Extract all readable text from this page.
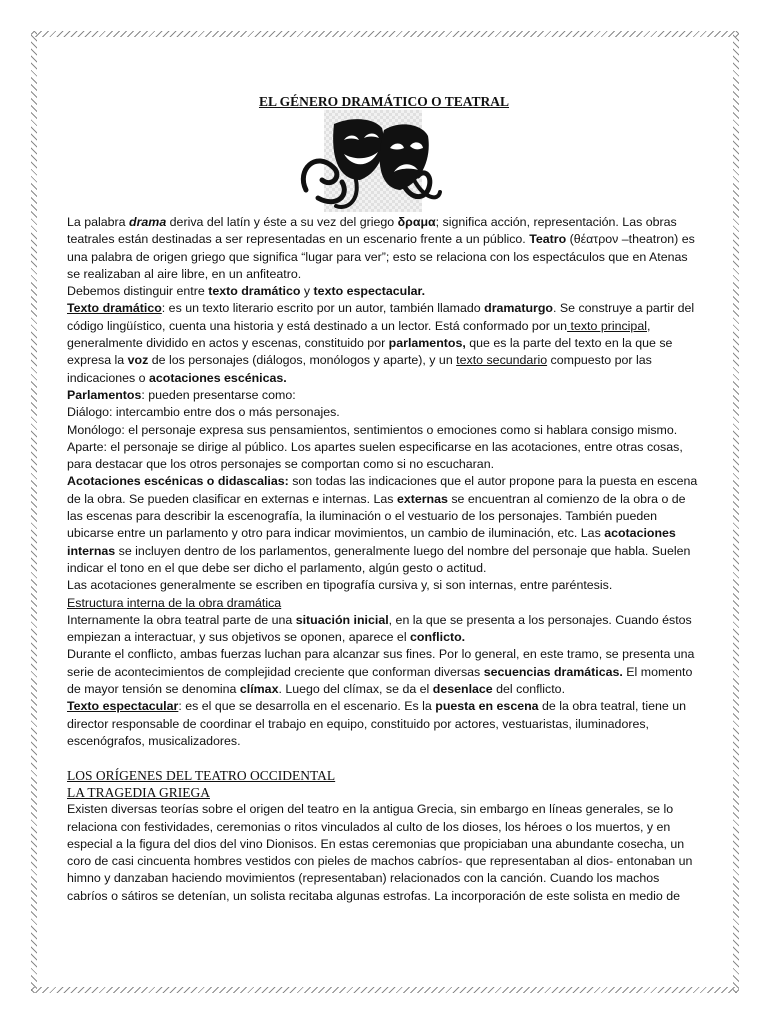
EL GÉNERO DRAMÁTICO O TEATRAL

La palabra drama deriva del latín y éste a su vez del griego δραμα; significa acción, representación. Las obras teatrales están destinadas a ser representadas en un escenario frente a un público. Teatro (θέατρον –theatron) es una palabra de origen griego que significa “lugar para ver”; esto se relaciona con los espectáculos que en Atenas se realizaban al aire libre, en un anfiteatro.

Debemos distinguir entre texto dramático y texto espectacular.

Texto dramático: es un texto literario escrito por un autor, también llamado dramaturgo. Se construye a partir del código lingüístico, cuenta una historia y está destinado a un lector. Está conformado por un texto principal, generalmente dividido en actos y escenas, constituido por parlamentos, que es la parte del texto en la que se expresa la voz de los personajes (diálogos, monólogos y aparte), y un texto secundario compuesto por las indicaciones o acotaciones escénicas.

Parlamentos: pueden presentarse como:

Diálogo: intercambio entre dos o más personajes.

Monólogo: el personaje expresa sus pensamientos, sentimientos o emociones como si hablara consigo mismo.

Aparte: el personaje se dirige al público. Los apartes suelen especificarse en las acotaciones, entre otras cosas, para destacar que los otros personajes se comportan como si no escucharan.

Acotaciones escénicas o didascalias: son todas las indicaciones que el autor propone para la puesta en escena de la obra. Se pueden clasificar en externas e internas. Las externas se encuentran al comienzo de la obra o de las escenas para describir la escenografía, la iluminación o el vestuario de los personajes. También pueden ubicarse entre un parlamento y otro para indicar movimientos, un cambio de iluminación, etc. Las acotaciones internas se incluyen dentro de los parlamentos, generalmente luego del nombre del personaje que habla. Suelen indicar el tono en el que debe ser dicho el parlamento, algún gesto o actitud.

Las acotaciones generalmente se escriben en tipografía cursiva y, si son internas, entre paréntesis.

Estructura interna de la obra dramática

Internamente la obra teatral parte de una situación inicial, en la que se presenta a los personajes. Cuando éstos empiezan a interactuar, y sus objetivos se oponen, aparece el conflicto.

Durante el conflicto, ambas fuerzas luchan para alcanzar sus fines. Por lo general, en este tramo, se presenta una serie de acontecimientos de complejidad creciente que conforman diversas secuencias dramáticas. El momento de mayor tensión se denomina clímax. Luego del clímax, se da el desenlace del conflicto.

Texto espectacular: es el que se desarrolla en el escenario. Es la puesta en escena de la obra teatral, tiene un director responsable de coordinar el trabajo en equipo, constituido por actores, vestuaristas, iluminadores, escenógrafos, musicalizadores.

LOS ORÍGENES DEL TEATRO OCCIDENTAL

LA TRAGEDIA GRIEGA

Existen diversas teorías sobre el origen del teatro en la antigua Grecia, sin embargo en líneas generales, se lo relaciona con festividades, ceremonias o ritos vinculados al culto de los dioses, los héroes o los muertos, y en especial a la figura del dios del vino Dionisos. En estas ceremonias que propiciaban una abundante cosecha, un coro de casi cincuenta hombres vestidos con pieles de machos cabríos- que representaban al dios- entonaban un himno y danzaban haciendo movimientos (representaban) relacionados con la canción. Cuando los machos cabríos o sátiros se detenían, un solista recitaba algunas estrofas. La incorporación de este solista en medio de
